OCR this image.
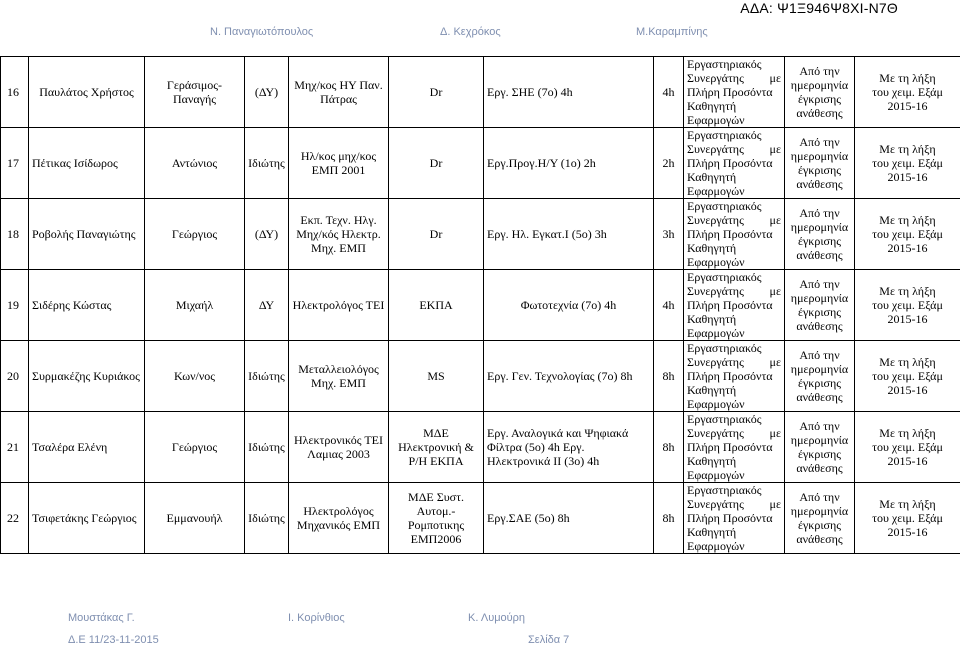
ΑΔΑ: Ψ1Ξ946Ψ8ΧΙ-Ν7Θ
Ν. Παναγιωτόπουλος	Δ. Κεχρόκος	Μ.Καραμπίνης
16	Παυλάτος Χρήστος	Γεράσιμος-Παναγής	(ΔΥ)	Μηχ/κος ΗΥ Παν. Πάτρας	Dr	Εργ. ΣΗΕ (7ο) 4h	4h	Εργαστηριακός
Συνεργάτης με
Πλήρη Προσόντα
Καθηγητή
Εφαρμογών	Από την
ημερομηνία
έγκρισης
ανάθεσης	Με τη λήξη
του χειμ. Εξάμ
2015-16

17	Πέτικας Ισίδωρος	Αντώνιος	Ιδιώτης	Ηλ/κος μηχ/κος ΕΜΠ 2001	Dr	Εργ.Προγ.Η/Υ (1ο) 2h	2h	Εργαστηριακός
Συνεργάτης με
Πλήρη Προσόντα
Καθηγητή
Εφαρμογών	Από την
ημερομηνία
έγκρισης
ανάθεσης	Με τη λήξη
του χειμ. Εξάμ
2015-16

18	Ροβολής Παναγιώτης	Γεώργιος	(ΔΥ)	Εκπ. Τεχν. Ηλγ. Μηχ/κός Ηλεκτρ. Μηχ. ΕΜΠ	Dr	Εργ. Ηλ. Εγκατ.Ι (5ο) 3h	3h	Εργαστηριακός
Συνεργάτης με
Πλήρη Προσόντα
Καθηγητή
Εφαρμογών	Από την
ημερομηνία
έγκρισης
ανάθεσης	Με τη λήξη
του χειμ. Εξάμ
2015-16

19	Σιδέρης Κώστας	Μιχαήλ	ΔΥ	Ηλεκτρολόγος ΤΕΙ	ΕΚΠΑ	Φωτοτεχνία (7ο) 4h	4h	Εργαστηριακός
Συνεργάτης με
Πλήρη Προσόντα
Καθηγητή
Εφαρμογών	Από την
ημερομηνία
έγκρισης
ανάθεσης	Με τη λήξη
του χειμ. Εξάμ
2015-16

20	Συρμακέζης Κυριάκος	Κων/νος	Ιδιώτης	Μεταλλειολόγος Μηχ. ΕΜΠ	MS	Εργ. Γεν. Τεχνολογίας (7ο) 8h	8h	Εργαστηριακός
Συνεργάτης με
Πλήρη Προσόντα
Καθηγητή
Εφαρμογών	Από την
ημερομηνία
έγκρισης
ανάθεσης	Με τη λήξη
του χειμ. Εξάμ
2015-16

21	Τσαλέρα Ελένη	Γεώργιος	Ιδιώτης	Ηλεκτρονικός ΤΕΙ Λαμιας 2003	ΜΔΕ Ηλεκτρονική & Ρ/Η ΕΚΠΑ	Εργ. Αναλογικά και Ψηφιακά Φίλτρα (5ο) 4h Εργ. Ηλεκτρονικά ΙΙ (3ο) 4h	8h	Εργαστηριακός
Συνεργάτης με
Πλήρη Προσόντα
Καθηγητή
Εφαρμογών	Από την
ημερομηνία
έγκρισης
ανάθεσης	Με τη λήξη
του χειμ. Εξάμ
2015-16

22	Τσιφετάκης Γεώργιος	Εμμανουήλ	Ιδιώτης	Ηλεκτρολόγος Μηχανικός ΕΜΠ	ΜΔΕ Συστ. Αυτομ.- Ρομποτικης ΕΜΠ2006	Εργ.ΣΑΕ (5ο) 8h	8h	Εργαστηριακός
Συνεργάτης με
Πλήρη Προσόντα
Καθηγητή
Εφαρμογών	Από την
ημερομηνία
έγκρισης
ανάθεσης	Με τη λήξη
του χειμ. Εξάμ
2015-16
Μουστάκας Γ.	Ι. Κορίνθιος	Κ. Λυμούρη
Δ.Ε 11/23-11-2015	Σελίδα 7
